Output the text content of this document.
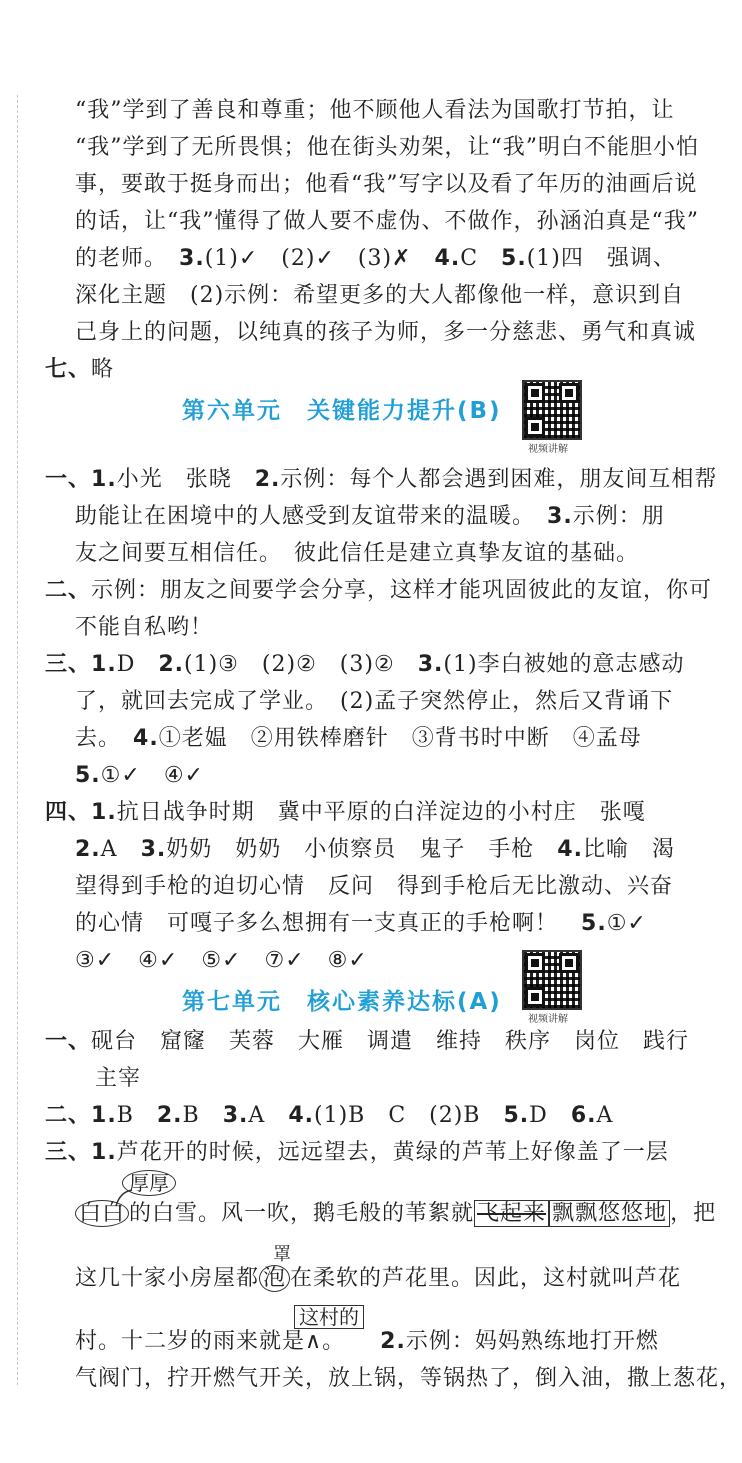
“我”学到了善良和尊重；他不顾他人看法为国歌打节拍，让
“我”学到了无所畏惧；他在街头劝架，让“我”明白不能胆小怕
事，要敢于挺身而出；他看“我”写字以及看了年历的油画后说
的话，让“我”懂得了做人要不虚伪、不做作，孙涵泊真是“我”
的老师。　 3.(1)✓　(2)✓　(3)✗　 4.C　 5.(1)四　强调、
深化主题　(2)示例：希望更多的大人都像他一样，意识到自
己身上的问题，以纯真的孩子为师，多一分慈悲、勇气和真诚
七、略
第六单元　关键能力提升(B)
视频讲解
一、1.小光　张晓　 2.示例：每个人都会遇到困难，朋友间互相帮
助能让在困境中的人感受到友谊带来的温暖。　 3.示例：朋
友之间要互相信任。　彼此信任是建立真挚友谊的基础。
二、示例：朋友之间要学会分享，这样才能巩固彼此的友谊，你可
不能自私哟！
三、1.D　 2.(1)③　(2)②　(3)②　 3.(1)李白被她的意志感动
了，就回去完成了学业。　(2)孟子突然停止，然后又背诵下
去。　 4.①老媪　②用铁棒磨针　③背书时中断　④孟母
5.①✓　④✓
四、1.抗日战争时期　冀中平原的白洋淀边的小村庄　张嘎
2.A　 3.奶奶　奶奶　小侦察员　鬼子　手枪　 4.比喻　渴
望得到手枪的迫切心情　反问　得到手枪后无比激动、兴奋
的心情　可嘎子多么想拥有一支真正的手枪啊！　 5.①✓
③✓　④✓　⑤✓　⑦✓　⑧✓
第七单元　核心素养达标(A)
视频讲解
一、砚台　窟窿　芙蓉　大雁　调遣　维持　秩序　岗位　践行
主宰
二、1.B　 2.B　 3.A　 4.(1)B　C　(2)B　 5.D　 6.A
三、1.芦花开的时候，远远望去，黄绿的芦苇上好像盖了一层
厚厚
白白 的白雪。风一吹，鹅毛般的苇絮就 飞起来 飘飘悠悠地 ，把
罩
这几十家小房屋都 泡 在柔软的芦花里。因此，这村就叫芦花
这村的
村。十二岁的雨来就是∧。　　 2.示例：妈妈熟练地打开燃
气阀门，拧开燃气开关，放上锅，等锅热了，倒入油，撒上葱花，
